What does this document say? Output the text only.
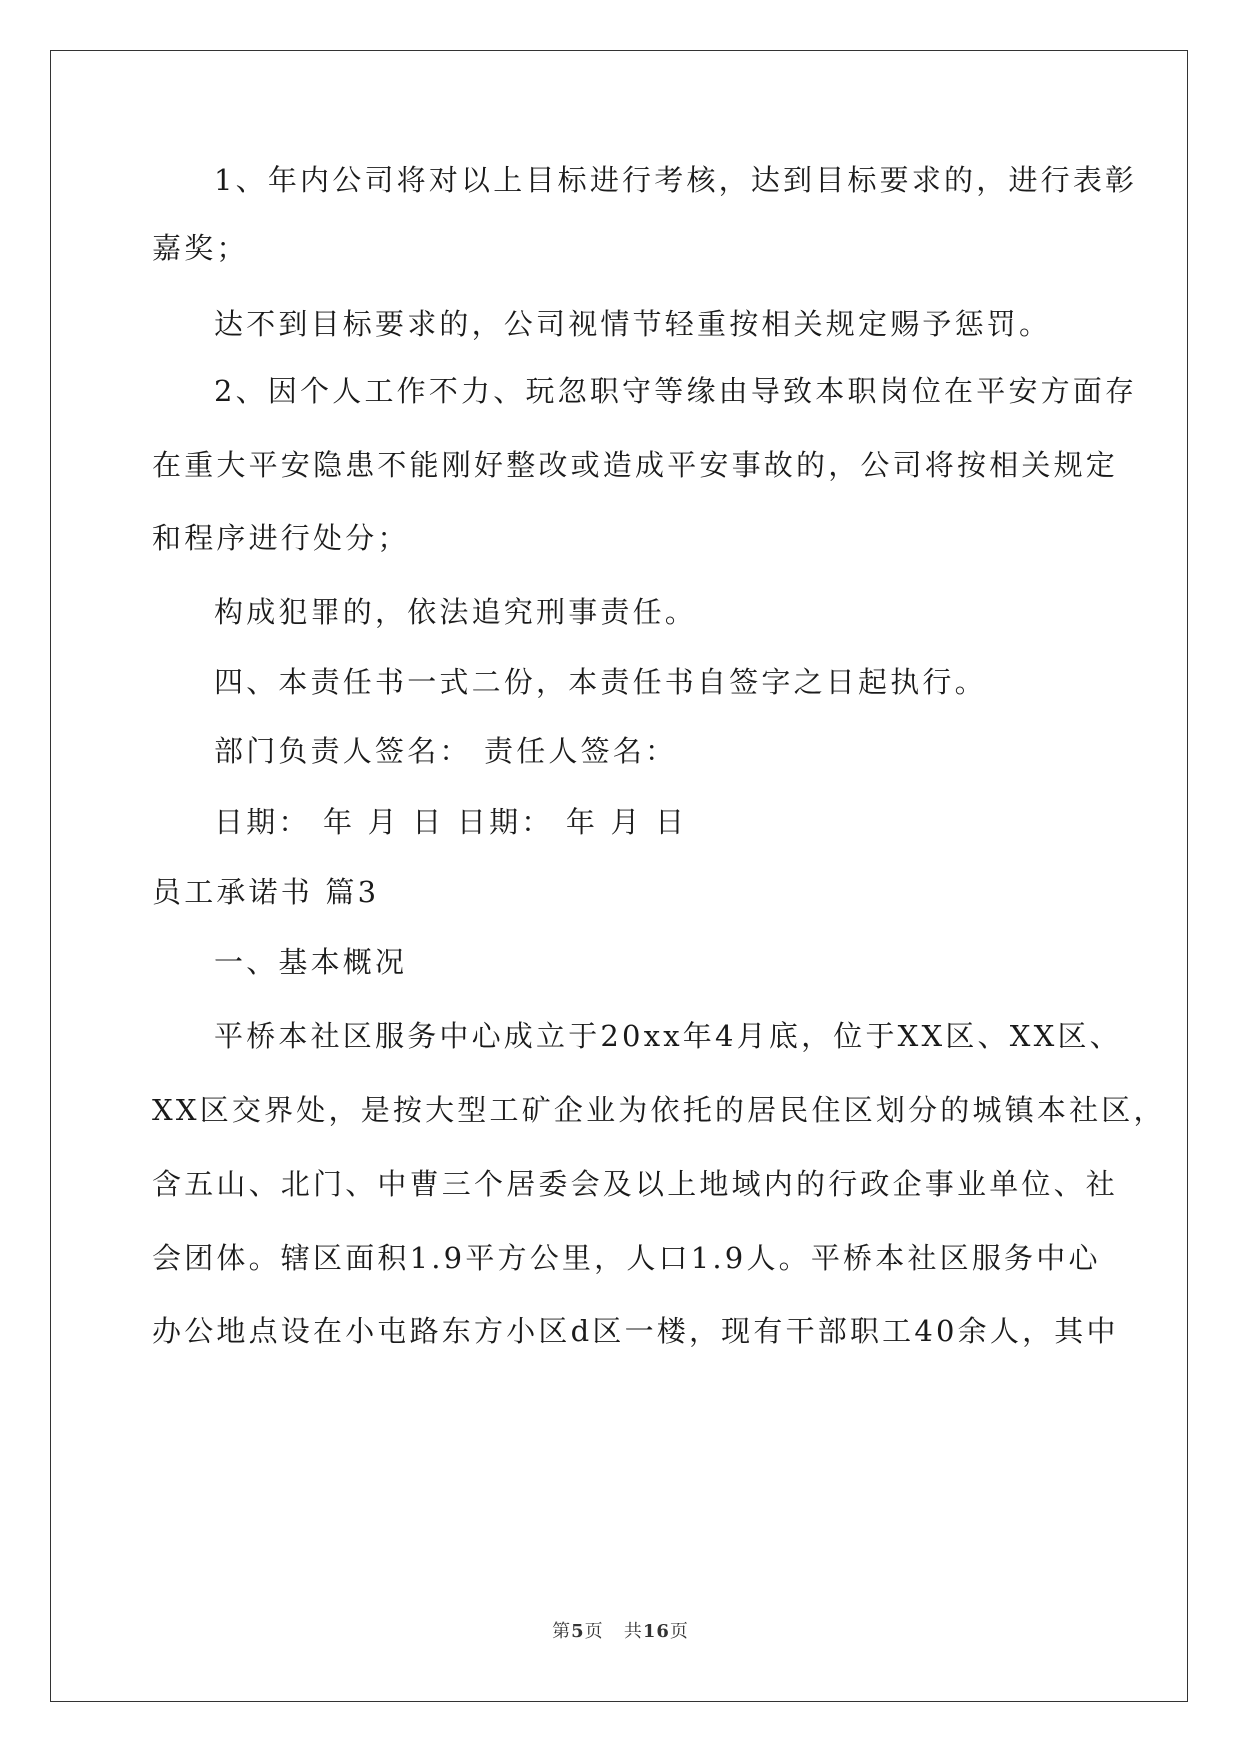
1、年内公司将对以上目标进行考核，达到目标要求的，进行表彰
嘉奖；
达不到目标要求的，公司视情节轻重按相关规定赐予惩罚。
2、因个人工作不力、玩忽职守等缘由导致本职岗位在平安方面存
在重大平安隐患不能刚好整改或造成平安事故的，公司将按相关规定
和程序进行处分；
构成犯罪的，依法追究刑事责任。
四、本责任书一式二份，本责任书自签字之日起执行。
部门负责人签名： 责任人签名：
日期： 年 月 日 日期： 年 月 日
员工承诺书 篇3
一、基本概况
平桥本社区服务中心成立于20xx年4月底，位于XX区、XX区、
XX区交界处，是按大型工矿企业为依托的居民住区划分的城镇本社区，
含五山、北门、中曹三个居委会及以上地域内的行政企事业单位、社
会团体。辖区面积1.9平方公里，人口1.9人。平桥本社区服务中心
办公地点设在小屯路东方小区d区一楼，现有干部职工40余人，其中
第5页 共16页
